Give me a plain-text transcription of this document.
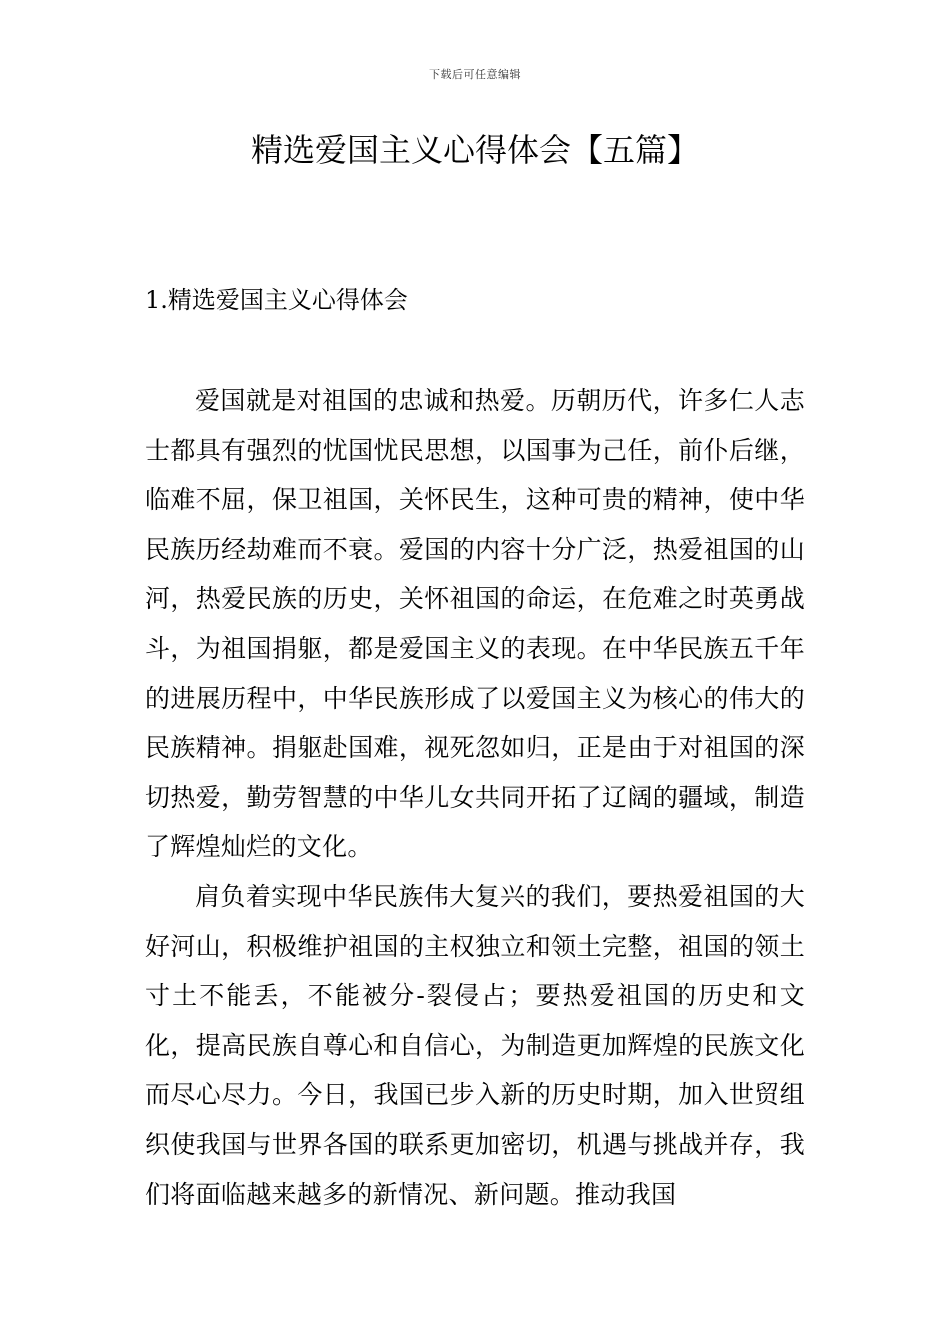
下载后可任意编辑
精选爱国主义心得体会【五篇】
1.精选爱国主义心得体会

爱国就是对祖国的忠诚和热爱。历朝历代，许多仁人志士都具有强烈的忧国忧民思想，以国事为己任，前仆后继，临难不屈，保卫祖国，关怀民生，这种可贵的精神，使中华民族历经劫难而不衰。爱国的内容十分广泛，热爱祖国的山河，热爱民族的历史，关怀祖国的命运，在危难之时英勇战斗，为祖国捐躯，都是爱国主义的表现。在中华民族五千年的进展历程中，中华民族形成了以爱国主义为核心的伟大的民族精神。捐躯赴国难，视死忽如归，正是由于对祖国的深切热爱，勤劳智慧的中华儿女共同开拓了辽阔的疆域，制造了辉煌灿烂的文化。

肩负着实现中华民族伟大复兴的我们，要热爱祖国的大好河山，积极维护祖国的主权独立和领土完整，祖国的领土寸土不能丢，不能被分-裂侵占；要热爱祖国的历史和文化，提高民族自尊心和自信心，为制造更加辉煌的民族文化而尽心尽力。今日，我国已步入新的历史时期，加入世贸组织使我国与世界各国的联系更加密切，机遇与挑战并存，我们将面临越来越多的新情况、新问题。推动我国
